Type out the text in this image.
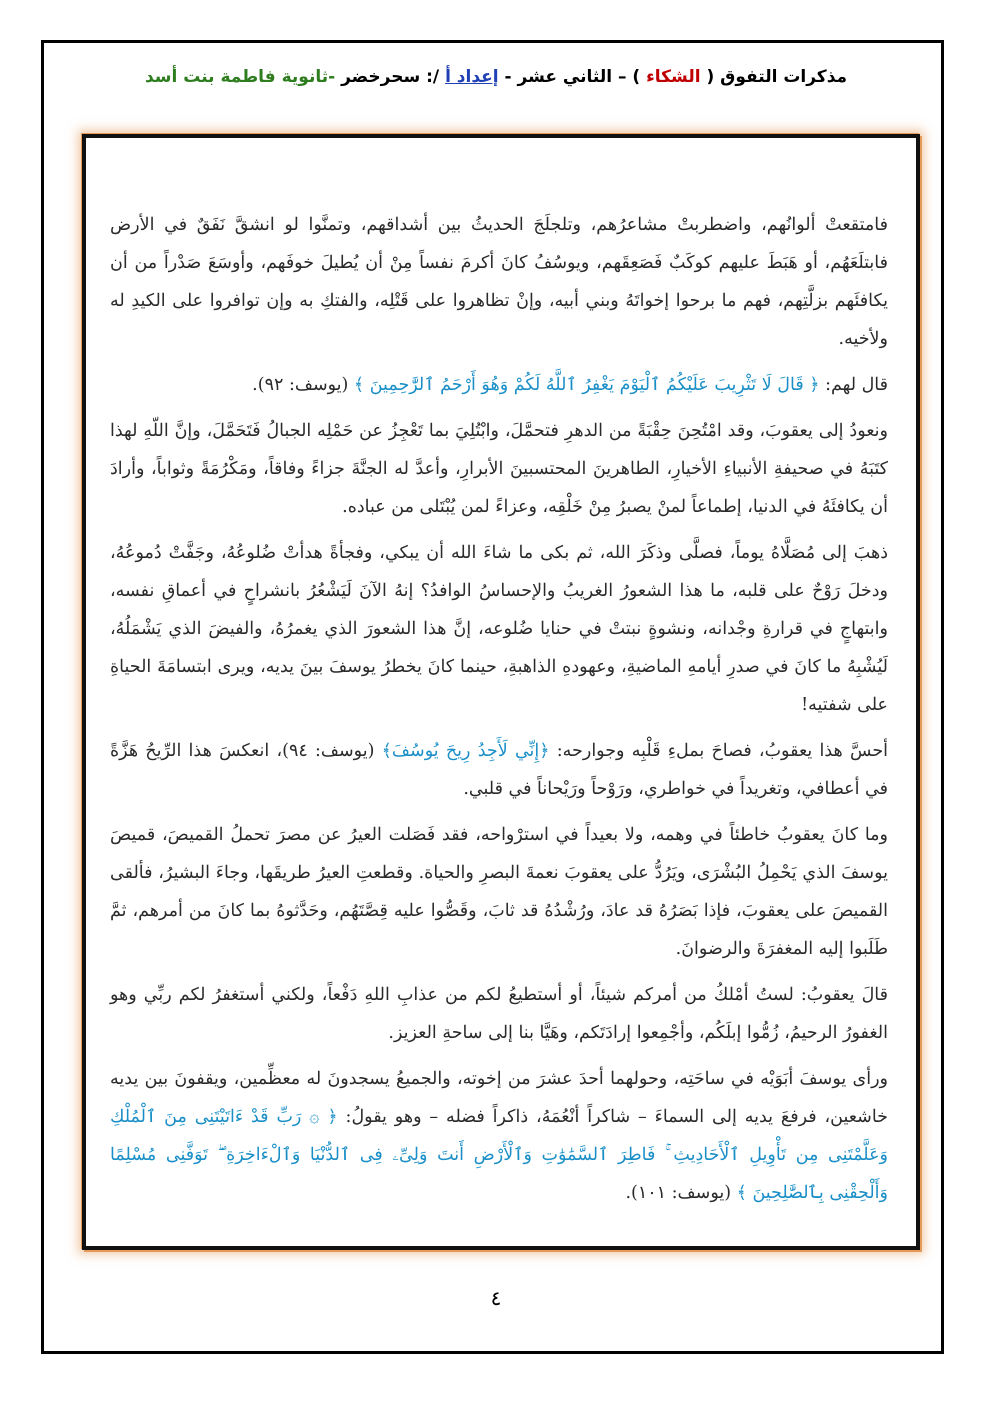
مذكرات التفوق ( الشكاء ) – الثاني عشر - إعداد أ /: سحرخضر -ثانوية فاطمة بنت أسد

فامتقعتْ ألوانُهم، واضطربتْ مشاعرُهم، وتلجلَجَ الحديثُ بين أشداقهم، وتمنَّوا لو انشقَّ نَفَقٌ في الأرض فابتلَعَهُم، أو هَبَطَ عليهم كوكَبٌ فَصَعِقَهم، ويوسُفُ كانَ أكرمَ نفساً مِنْ أن يُطيلَ خوفَهم، وأوسَعَ صَدْراً من أن يكافئَهم بزلَّتِهم، فهم ما برحوا إخواتَهُ وبني أبيه، وإنْ تظاهروا على قَتْلِه، والفتكِ به وإن توافروا على الكيدِ له ولأخيه.

قال لهم: ﴿ قَالَ لَا تَثْرِيبَ عَلَيْكُمُ ٱلْيَوْمَ يَغْفِرُ ٱللَّهُ لَكُمْ وَهُوَ أَرْحَمُ ٱلرَّٰحِمِينَ ﴾ (يوسف: ٩٢).

ونعودُ إلى يعقوبَ، وقد امْتُحِنَ حِقْبَةً من الدهرِ فتحمَّلَ، وابْتُلِيَ بما تَعْجِزُ عن حَمْلِه الجبالُ فَتَحَمَّلَ، وإنَّ اللّهِ لهذا كتَبَهُ في صحيفةِ الأنبياءِ الأخيارِ، الطاهرينَ المحتسبينَ الأبرارِ، وأعدَّ له الجنَّةَ جزاءً وفاقاً، ومَكْرُمَةً وثواباً، وأرادَ أن يكافئَهُ في الدنيا، إطماعاً لمنْ يصبرُ مِنْ خَلْقِه، وعزاءً لمن يُبْتَلى من عباده.

ذهبَ إلى مُصَلَّاهُ يوماً، فصلَّى وذكَرَ الله، ثم بكى ما شاءَ الله أن يبكي، وفجأةً هدأتْ ضُلوعُهُ، وجَفَّتْ دُموعُهُ، ودخلَ رَوْحٌ على قلبه، ما هذا الشعورُ الغريبُ والإحساسُ الوافدُ؟ إنهُ الآنَ لَيَشْعُرُ بانشراحٍ في أعماقِ نفسه، وابتهاجٍ في قرارةِ وجْدانه، ونشوةٍ نبتتْ في حنايا ضُلوعه، إنَّ هذا الشعورَ الذي يغمرُهُ، والفيضَ الذي يَشْمَلُهُ، لَيُشْبِهُ ما كانَ في صدرِ أيامهِ الماضيةِ، وعهودهِ الذاهبةِ، حينما كانَ يخطرُ يوسفَ بينَ يديه، ويرى ابتسامَةَ الحياةِ على شفتيه!

أحسَّ هذا يعقوبُ، فصاحَ بملءِ قَلْبِه وجوارحه: ﴿إِنِّي لَأَجِدُ رِيحَ يُوسُفَ﴾ (يوسف: ٩٤)، انعكسَ هذا الرِّيحُ هَزَّةً في أعطافي، وتغريداً في خواطري، ورَوْحاً ورَيْحاناً في قلبي.

وما كانَ يعقوبُ خاطئاً في وهمه، ولا بعيداً في استرْواحه، فقد فَصَلت العيرُ عن مصرَ تحملُ القميصَ، قميصَ يوسفَ الذي يَحْمِلُ البُشْرَى، ويَرُدُّ على يعقوبَ نعمةَ البصرِ والحياة. وقطعتِ العيرُ طريقَها، وجاءَ البشيرُ، فألقى القميصَ على يعقوبَ، فإذا بَصَرُهُ قد عادَ، ورُشْدُهُ قد ثابَ، وقَصُّوا عليه قِصَّتَهُم، وحَدَّثوهُ بما كانَ من أمرهم، ثمَّ طَلَبوا إليه المغفرَةَ والرضوانَ.

قالَ يعقوبُ: لستُ أمْلكُ من أمركم شيئاً، أو أستطيعُ لكم من عذابِ اللهِ دَفْعاً، ولكني أستغفرُ لكم ربِّي وهو الغفورُ الرحيمُ، زُمُّوا إبلَكُم، وأجْمِعوا إرادَتَكم، وهَيَّا بنا إلى ساحةِ العزيز.

ورأى يوسفَ أبَوَيْه في ساحَتِه، وحولهما أحدَ عشرَ من إخوته، والجميعُ يسجدونَ له معظِّمين، ويقفونَ بين يديه خاشعين، فرفعَ يديه إلى السماءَ – شاكراً أنْعُمَهُ، ذاكراً فضله – وهو يقولُ: ﴿ ۞ رَبِّ قَدْ ءَاتَيْتَنِى مِنَ ٱلْمُلْكِ وَعَلَّمْتَنِى مِن تَأْوِيلِ ٱلْأَحَادِيثِ ۚ فَاطِرَ ٱلسَّمَٰوَٰتِ وَٱلْأَرْضِ أَنتَ وَلِىِّۦ فِى ٱلدُّنْيَا وَٱلْءَاخِرَةِ ۖ تَوَفَّنِى مُسْلِمًا وَأَلْحِقْنِى بِٱلصَّٰلِحِينَ ﴾ (يوسف: ١٠١).

٤
